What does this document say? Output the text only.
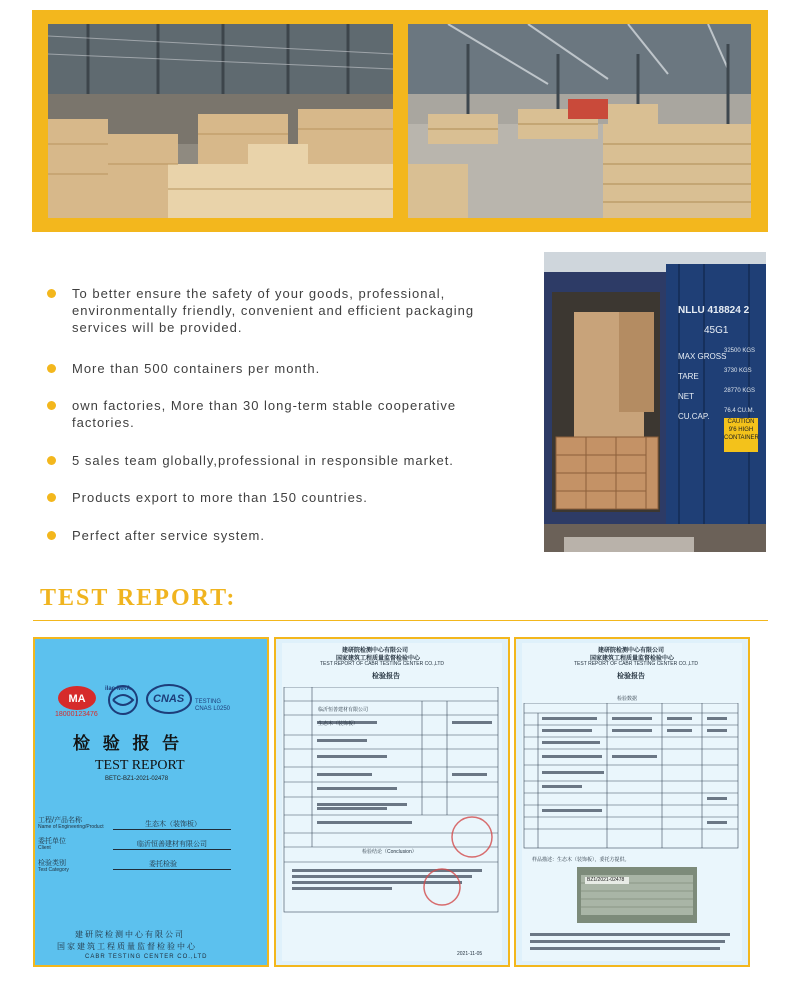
To better ensure the safety of your goods, professional, environmentally friendly, convenient and efficient packaging services will be provided.
More than 500 containers per month.
own factories, More than 30 long-term stable cooperative factories.
5 sales team globally,professional in responsible market.
Products export to more than 150 countries.
Perfect after service system.
NLLU 418824 2
45G1
MAX GROSS
32500 KGS
TARE
3730 KGS
NET
28770 KGS
CU.CAP.
76.4 CU.M.
CAUTION 9'6 HIGH CONTAINER
TEST REPORT:
MA
18000123476
ilac-MRA
CNAS TESTING CNAS L0250
检 验 报 告
TEST REPORT
BETC-BZ1-2021-02478
工程/产品名称
Name of Engineering/Product	生态木（装饰板）
委托单位
Client	临沂恒善建材有限公司
检验类别
Test Category
委托检验
建研院检测中心有限公司
国家建筑工程质量监督检验中心
CABR TESTING CENTER CO.,LTD
建研院检测中心有限公司
国家建筑工程质量监督检验中心
TEST REPORT OF CABR TESTING CENTER CO.,LTD
检验报告
临沂恒善建材有限公司
生态木（装饰板）
检验结论（Conclusion）
2021-11-05
建研院检测中心有限公司
国家建筑工程质量监督检验中心
TEST REPORT OF CABR TESTING CENTER CO.,LTD
检验报告
检验数据
样品描述：生态木（装饰板），委托方提供。
BZ1/2021-02478
